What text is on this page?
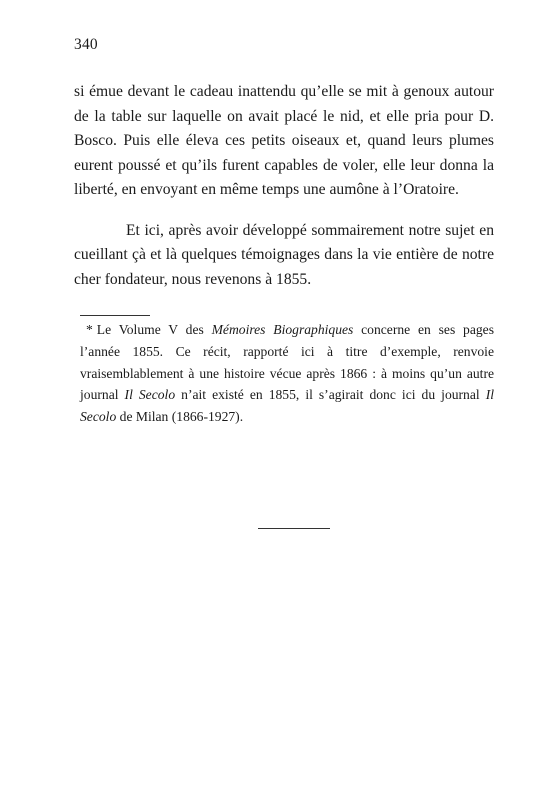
340

si émue devant le cadeau inattendu qu’elle se mit à genoux autour de la table sur laquelle on avait placé le nid, et elle pria pour D. Bosco. Puis elle éleva ces petits oiseaux et, quand leurs plumes eurent poussé et qu’ils furent capables de voler, elle leur donna la liberté, en envoyant en même temps une aumône à l’Oratoire.

Et ici, après avoir développé sommairement notre sujet en cueillant çà et là quelques témoignages dans la vie entière de notre cher fondateur, nous revenons à 1855.

* Le Volume V des Mémoires Biographiques concerne en ses pages l’année 1855. Ce récit, rapporté ici à titre d’exemple, renvoie vraisemblablement à une histoire vécue après 1866 : à moins qu’un autre journal Il Secolo n’ait existé en 1855, il s’agirait donc ici du journal Il Secolo de Milan (1866-1927).
